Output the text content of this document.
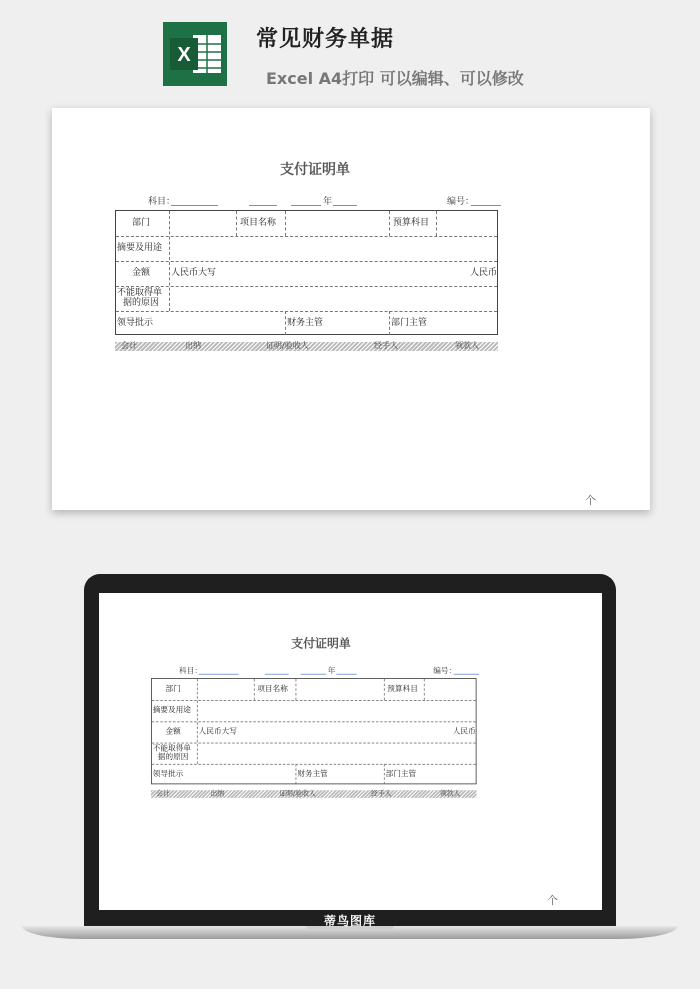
X
常见财务单据
Excel A4打印 可以编辑、可以修改
个
个
蒂鸟图库
支付证明单
科目：	年	编号：
部门	项目名称	预算科目
摘要及用途
金额 人民币大写	人民币
不能取得单
据的原因
领导批示	财务主管	部门主管
会计	出纳	证明/验收人	经手人	领款人
支付证明单
科目：	年	编号：
部门	项目名称	预算科目
摘要及用途
金额 人民币大写	人民币
不能取得单
据的原因
领导批示	财务主管	部门主管
会计	出纳	证明/验收人	经手人	领款人
